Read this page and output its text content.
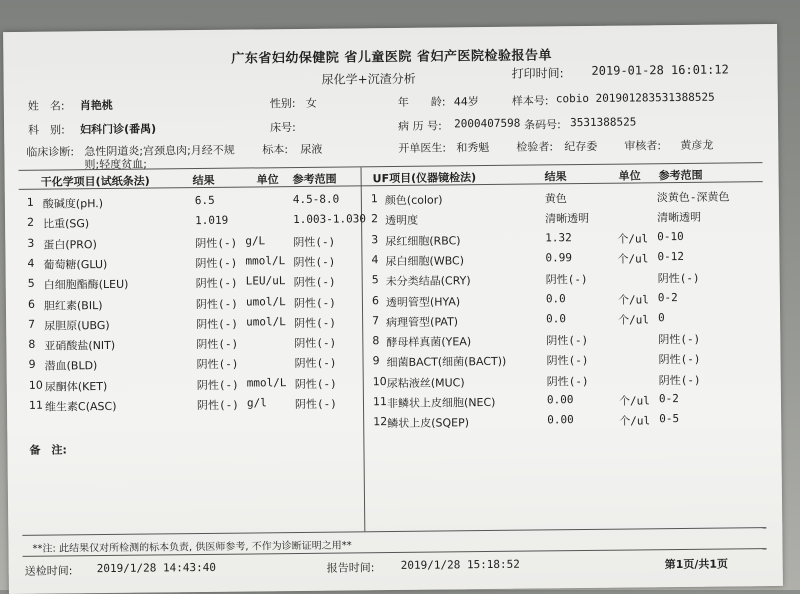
广东省妇幼保健院 省儿童医院 省妇产医院检验报告单
尿化学+沉渣分析	打印时间: 2019-01-28 16:01:12
姓　名: 肖艳桃	性别: 女	年　　龄: 44岁	样本号: cobio 201901283531388525
科　别: 妇科门诊(番禺)	床号:	病 历 号: 2000407598 条码号: 3531388525
临床诊断: 急性阴道炎;宫颈息肉;月经不规
则;轻度贫血;
标本: 尿液	开单医生: 和秀魁 检验者: 纪存委 审核者: 黄彦龙
干化学项目(试纸条法)	结果	单位 参考范围	UF项目(仪器镜检法)	结果	单位 参考范围
1 酸碱度(pH.)	6.5	4.5-8.0
2 比重(SG)	1.019	1.003-1.030
3 蛋白(PRO)	阴性(-) g/L	阴性(-)
4 葡萄糖(GLU)	阴性(-) mmol/L 阴性(-)
5 白细胞酯酶(LEU)	阴性(-) LEU/uL 阴性(-)
6 胆红素(BIL)	阴性(-) umol/L 阴性(-)
7 尿胆原(UBG)	阴性(-) umol/L 阴性(-)
8 亚硝酸盐(NIT)	阴性(-)	阴性(-)
9 潜血(BLD)	阴性(-)	阴性(-)
10 尿酮体(KET)	阴性(-) mmol/L 阴性(-)
11 维生素C(ASC)	阴性(-) g/l	阴性(-)
1 颜色(color)	黄色	淡黄色-深黄色
2 透明度	清晰透明	清晰透明
3 尿红细胞(RBC)	1.32	个/ul 0-10
4 尿白细胞(WBC)	0.99	个/ul 0-12
5 未分类结晶(CRY)	阴性(-)	阴性(-)
6 透明管型(HYA)	0.0	个/ul 0-2
7 病理管型(PAT)	0.0	个/ul 0
8 酵母样真菌(YEA)	阴性(-)	阴性(-)
9 细菌BACT(细菌(BACT))	阴性(-)	阴性(-)
10 尿粘液丝(MUC)	阴性(-)	阴性(-)
11 非鳞状上皮细胞(NEC)	0.00	个/ul 0-2
12 鳞状上皮(SQEP)	0.00	个/ul 0-5
备　注:
**注: 此结果仅对所检测的标本负责, 供医师参考, 不作为诊断证明之用**
送检时间: 2019/1/28 14:43:40	报告时间: 2019/1/28 15:18:52	第1页/共1页
